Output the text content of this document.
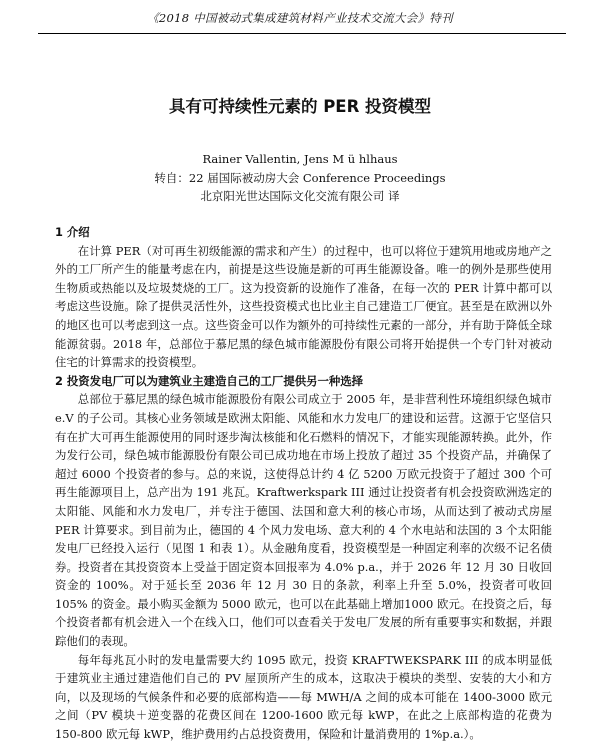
《2018 中国被动式集成建筑材料产业技术交流大会》特刊
具有可持续性元素的 PER 投资模型
Rainer Vallentin, Jens M ü hlhaus
转自：22 届国际被动房大会 Conference Proceedings
北京阳光世达国际文化交流有限公司 译
1 介绍

在计算 PER（对可再生初级能源的需求和产生）的过程中，也可以将位于建筑用地或房地产之外的工厂所产生的能量考虑在内，前提是这些设施是新的可再生能源设备。唯一的例外是那些使用生物质或热能以及垃圾焚烧的工厂。这为投资新的设施作了准备，在每一次的 PER 计算中都可以考虑这些设施。除了提供灵活性外，这些投资模式也比业主自己建造工厂便宜。甚至是在欧洲以外的地区也可以考虑到这一点。这些资金可以作为额外的可持续性元素的一部分，并有助于降低全球能源贫弱。2018 年，总部位于慕尼黑的绿色城市能源股份有限公司将开始提供一个专门针对被动住宅的计算需求的投资模型。

2 投资发电厂可以为建筑业主建造自己的工厂提供另一种选择

总部位于慕尼黑的绿色城市能源股份有限公司成立于 2005 年，是非营利性环境组织绿色城市 e.V 的子公司。其核心业务领域是欧洲太阳能、风能和水力发电厂的建设和运营。这源于它坚信只有在扩大可再生能源使用的同时逐步淘汰核能和化石燃料的情况下，才能实现能源转换。此外，作为发行公司，绿色城市能源股份有限公司已成功地在市场上投放了超过 35 个投资产品，并确保了超过 6000 个投资者的参与。总的来说，这使得总计约 4 亿 5200 万欧元投资于了超过 300 个可再生能源项目上，总产出为 191 兆瓦。Kraftwerkspark III 通过让投资者有机会投资欧洲选定的太阳能、风能和水力发电厂，并专注于德国、法国和意大利的核心市场，从而达到了被动式房屋 PER 计算要求。到目前为止，德国的 4 个风力发电场、意大利的 4 个水电站和法国的 3 个太阳能发电厂已经投入运行（见图 1 和表 1）。从金融角度看，投资模型是一种固定利率的次级不记名债券。投资者在其投资资本上受益于固定资本回报率为 4.0% p.a.，并于 2026 年 12 月 30 日收回资金的 100%。对于延长至 2036 年 12 月 30 日的条款，利率上升至 5.0%，投资者可收回 105% 的资金。最小购买金额为 5000 欧元，也可以在此基础上增加1000 欧元。在投资之后，每个投资者都有机会进入一个在线入口，他们可以查看关于发电厂发展的所有重要事实和数据，并跟踪他们的表现。

每年每兆瓦小时的发电量需要大约 1095 欧元，投资 KRAFTWEKSPARK III 的成本明显低于建筑业主通过建造他们自己的 PV 屋顶所产生的成本，这取决于模块的类型、安装的大小和方向，以及现场的气候条件和必要的底部构造——每 MWH/A 之间的成本可能在 1400-3000 欧元之间（PV 模块＋逆变器的花费区间在 1200-1600 欧元每 kWP，在此之上底部构造的花费为 150-800 欧元每 kWP，维护费用约占总投资费用，保险和计量消费用的 1%p.a.）。
